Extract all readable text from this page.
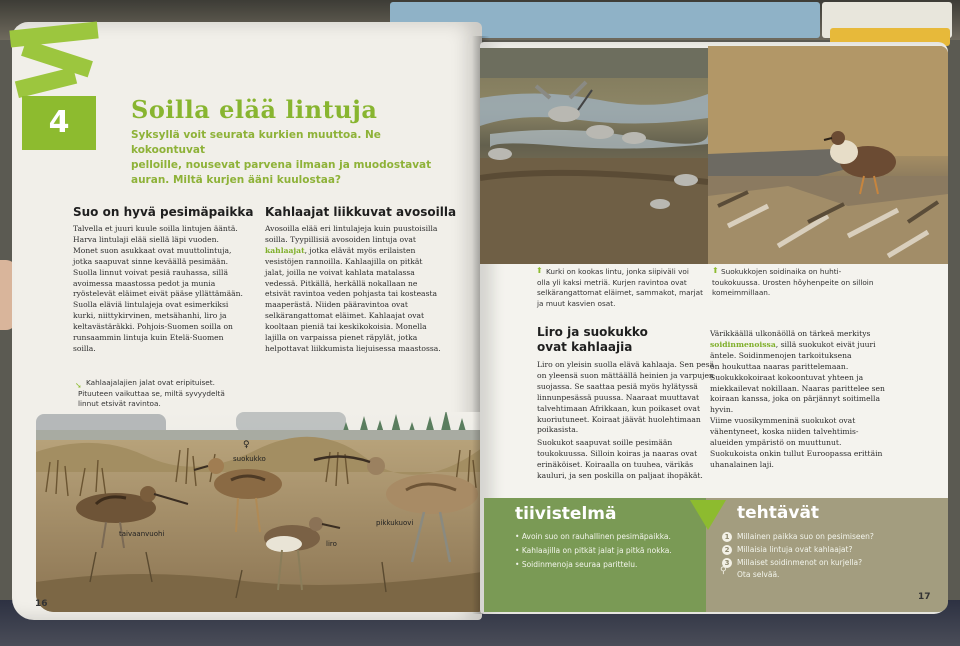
4	Soilla elää lintuja
Syksyllä voit seurata kurkien muuttoa. Ne kokoontuvat
pelloille, nousevat parvena ilmaan ja muodostavat
auran. Miltä kurjen ääni kuulostaa?
Suo on hyvä pesimäpaikka
Talvella et juuri kuule soilla lintujen ääntä.
Harva lintulaji elää siellä läpi vuoden.
Monet suon asukkaat ovat muuttolintuja,
jotka saapuvat sinne keväällä pesimään.
Suolla linnut voivat pesiä rauhassa, sillä
avoimessa maastossa pedot ja munia
ryöstelevät eläimet eivät pääse yllättämään.
Suolla eläviä lintulajeja ovat esimerkiksi
kurki, niittykirvinen, metsähanhi, liro ja
keltavästäräkki. Pohjois-Suomen soilla on
runsaammin lintuja kuin Etelä-Suomen
soilla.
Kahlaajat liikkuvat avosoilla
Avosoilla elää eri lintulajeja kuin puustoisilla
soilla. Tyypillisiä avosoiden lintuja ovat
kahlaajat, jotka elävät myös erilaisten
vesistöjen rannoilla. Kahlaajilla on pitkät
jalat, joilla ne voivat kahlata matalassa
vedessä. Pitkällä, herkällä nokallaan ne
etsivät ravintoa veden pohjasta tai kosteasta
maaperästä. Niiden pääravintoa ovat
selkärangattomat eläimet. Kahlaajat ovat
kooltaan pieniä tai keskikokoisia. Monella
lajilla on varpaissa pienet räpylät, jotka
helpottavat liikkumista liejuisessa maastossa.
➘ Kahlaajalajien jalat ovat eripituiset.
Pituuteen vaikuttaa se, miltä syvyydeltä
linnut etsivät ravintoa.
taivaanvuohi
♀
suokukko
liro
pikkukuovi
16
⬆ Kurki on kookas lintu, jonka siipiväli voi
olla yli kaksi metriä. Kurjen ravintoa ovat
selkärangattomat eläimet, sammakot, marjat
ja muut kasvien osat.
⬆ Suokukkojen soidinaika on huhti-
toukokuussa. Urosten höyhenpeite on silloin
komeimmillaan.
Liro ja suokukko
ovat kahlaajia
Liro on yleisin suolla elävä kahlaaja. Sen pesä
on yleensä suon mättäällä heinien ja varpujen
suojassa. Se saattaa pesiä myös hylätyssä
linnunpesässä puussa. Naaraat muuttavat
talvehtimaan Afrikkaan, kun poikaset ovat
kuoriutuneet. Koiraat jäävät huolehtimaan
poikasista.
Suokukot saapuvat soille pesimään
toukokuussa. Silloin koiras ja naaras ovat
erinäköiset. Koiraalla on tuuhea, värikäs
kauluri, ja sen poskilla on paljaat ihopäkät.
Värikkäällä ulkonäöllä on tärkeä merkitys
soidinmenoissa, sillä suokukot eivät juuri
äntele. Soidinmenojen tarkoituksena
on houkuttaa naaras parittelemaan.
Suokukkokoiraat kokoontuvat yhteen ja
miekkailevat nokillaan. Naaras parittelee sen
koiraan kanssa, joka on pärjännyt soitimella
hyvin.
Viime vuosikymmeninä suokukot ovat
vähentyneet, koska niiden talvehtimis-
alueiden ympäristö on muuttunut.
Suokukoista onkin tullut Euroopassa erittäin
uhanalainen laji.
tiivistelmä
• Avoin suo on rauhallinen pesimäpaikka.
• Kahlaajilla on pitkät jalat ja pitkä nokka.
• Soidinmenoja seuraa parittelu.
tehtävät
1	Millainen paikka suo on pesimiseen?
2	Millaisia lintuja ovat kahlaajat?
3
⚲
Millaiset soidinmenot on kurjella?
Ota selvää.
17
